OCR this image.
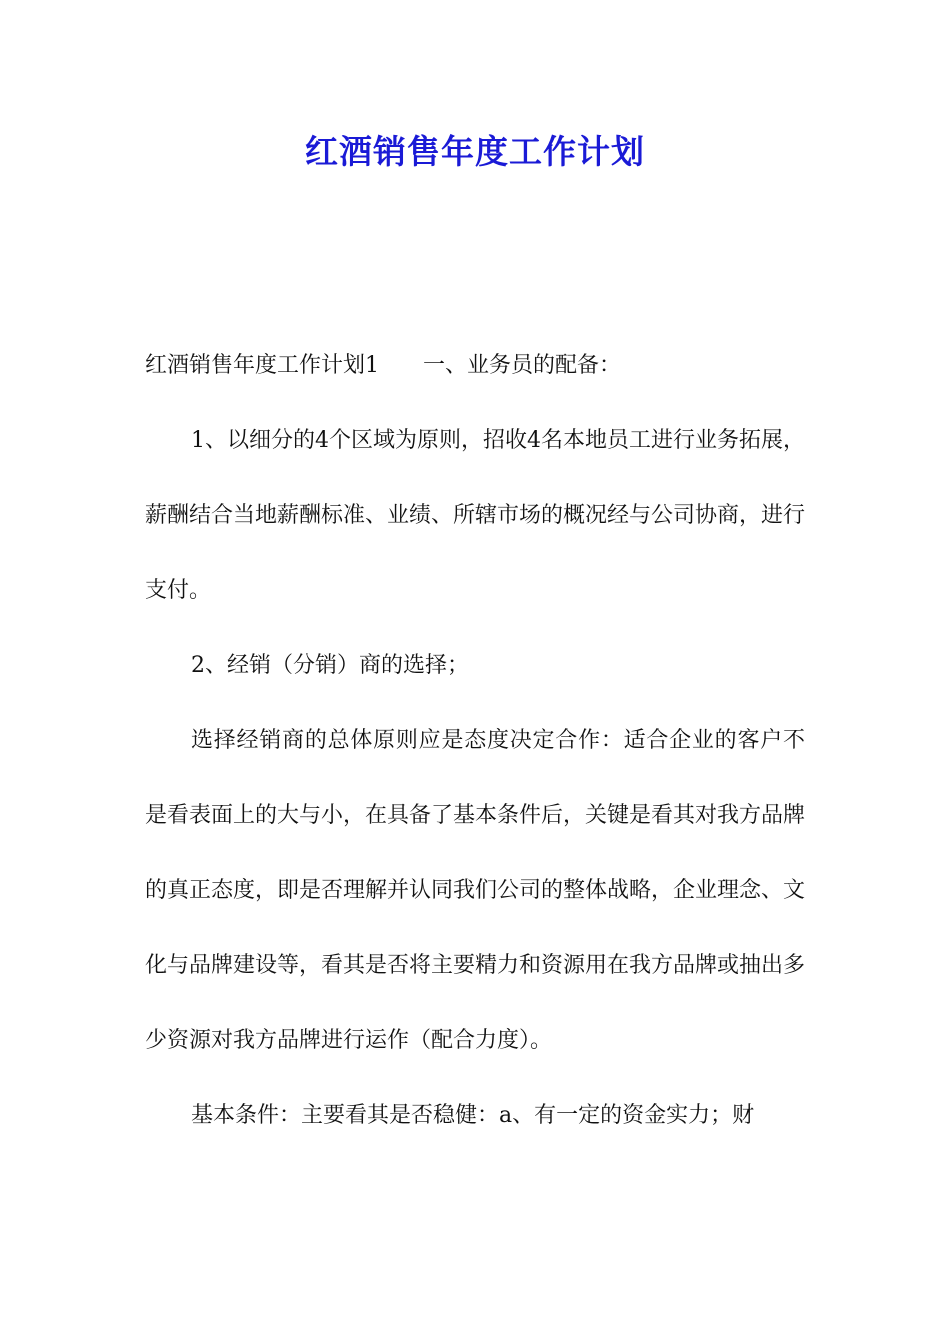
红酒销售年度工作计划

红酒销售年度工作计划1 一、业务员的配备：

1、以细分的4个区域为原则，招收4名本地员工进行业务拓展，薪酬结合当地薪酬标准、业绩、所辖市场的概况经与公司协商，进行支付。

2、经销（分销）商的选择；

选择经销商的总体原则应是态度决定合作：适合企业的客户不是看表面上的大与小，在具备了基本条件后，关键是看其对我方品牌的真正态度，即是否理解并认同我们公司的整体战略，企业理念、文化与品牌建设等，看其是否将主要精力和资源用在我方品牌或抽出多少资源对我方品牌进行运作（配合力度）。

基本条件：主要看其是否稳健：a、有一定的资金实力；财
